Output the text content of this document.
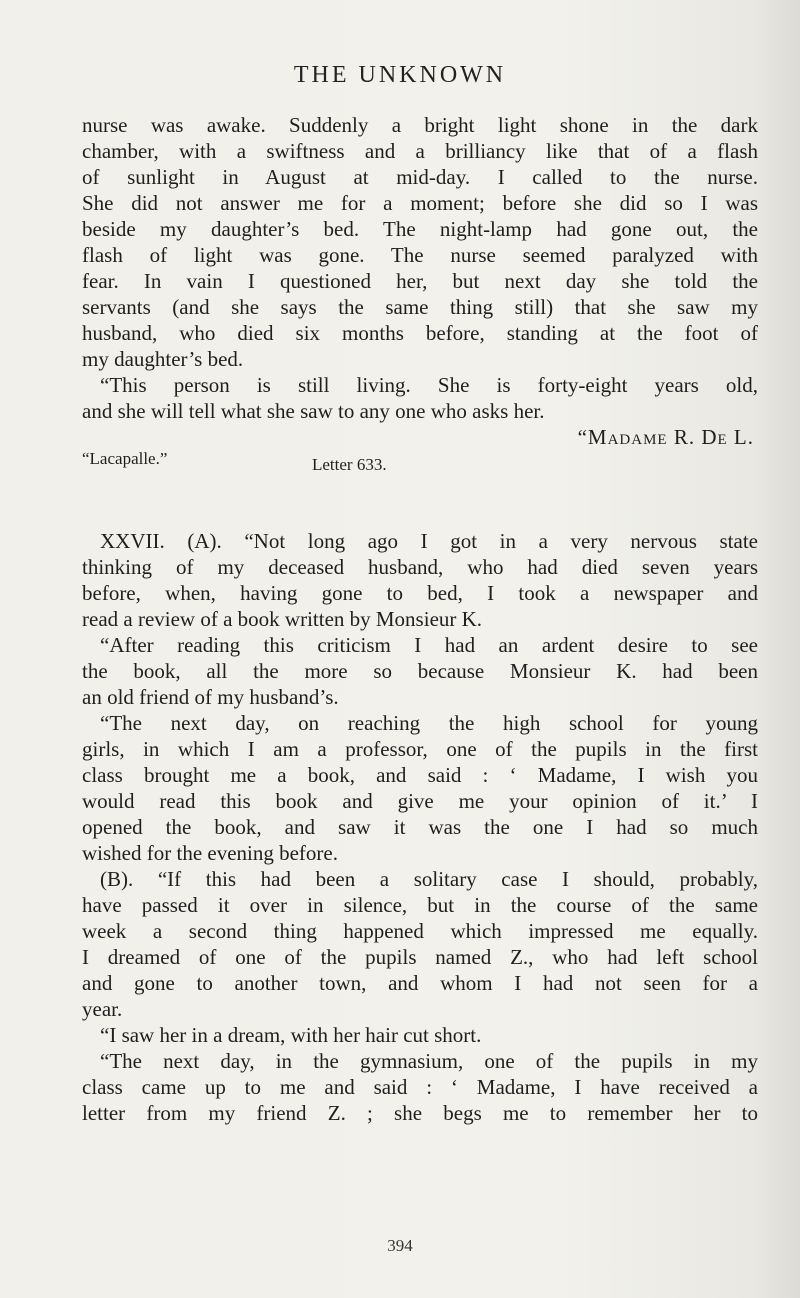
THE UNKNOWN
nurse was awake. Suddenly a bright light shone in the dark
chamber, with a swiftness and a brilliancy like that of a flash
of sunlight in August at mid-day. I called to the nurse.
She did not answer me for a moment; before she did so I was
beside my daughter’s bed. The night-lamp had gone out, the
flash of light was gone. The nurse seemed paralyzed with
fear. In vain I questioned her, but next day she told the
servants (and she says the same thing still) that she saw my
husband, who died six months before, standing at the foot of
my daughter’s bed.
“This person is still living. She is forty-eight years old,
and she will tell what she saw to any one who asks her.
“Madame R. De L.
“Lacapalle.”	Letter 633.
XXVII. (A). “Not long ago I got in a very nervous state
thinking of my deceased husband, who had died seven years
before, when, having gone to bed, I took a newspaper and
read a review of a book written by Monsieur K.
“After reading this criticism I had an ardent desire to see
the book, all the more so because Monsieur K. had been
an old friend of my husband’s.
“The next day, on reaching the high school for young
girls, in which I am a professor, one of the pupils in the first
class brought me a book, and said : ‘ Madame, I wish you
would read this book and give me your opinion of it.’ I
opened the book, and saw it was the one I had so much
wished for the evening before.
(B). “If this had been a solitary case I should, probably,
have passed it over in silence, but in the course of the same
week a second thing happened which impressed me equally.
I dreamed of one of the pupils named Z., who had left school
and gone to another town, and whom I had not seen for a
year.
“I saw her in a dream, with her hair cut short.
“The next day, in the gymnasium, one of the pupils in my
class came up to me and said : ‘ Madame, I have received a
letter from my friend Z. ; she begs me to remember her to
394
